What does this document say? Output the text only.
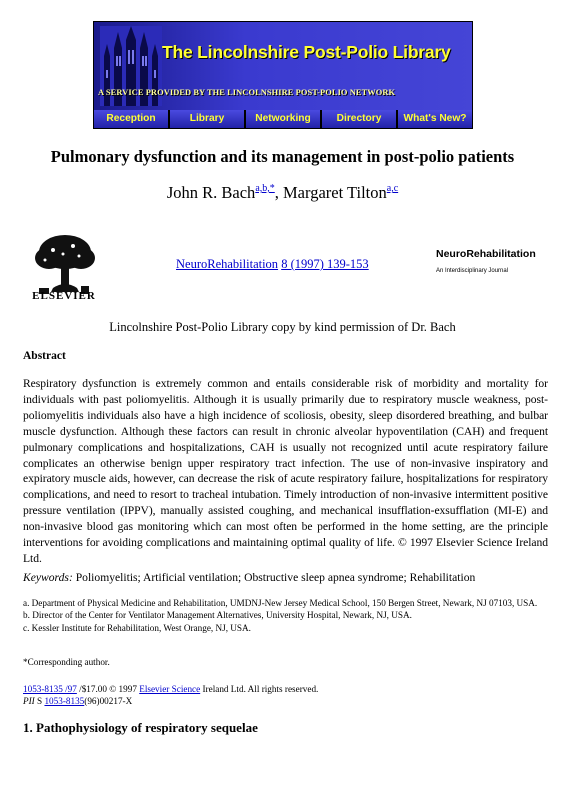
The Lincolnshire Post-Polio Library
A SERVICE PROVIDED BY THE LINCOLNSHIRE POST-POLIO NETWORK
Reception	Library	Networking	Directory	What's New?
Pulmonary dysfunction and its management in post-polio patients
John R. Bach$^{a,b,*}$, Margaret Tilton$^{a,c}$
ELSEVIER
NeuroRehabilitation 8 (1997) 139-153
NeuroRehabilitation
An Interdisciplinary Journal
Lincolnshire Post-Polio Library copy by kind permission of Dr. Bach
Abstract
Respiratory dysfunction is extremely common and entails considerable risk of morbidity and mortality for individuals with past poliomyelitis. Although it is usually primarily due to respiratory muscle weakness, post-poliomyelitis individuals also have a high incidence of scoliosis, obesity, sleep disordered breathing, and bulbar muscle dysfunction. Although these factors can result in chronic alveolar hypoventilation (CAH) and frequent pulmonary complications and hospitalizations, CAH is usually not recognized until acute respiratory failure complicates an otherwise benign upper respiratory tract infection. The use of non-invasive inspiratory and expiratory muscle aids, however, can decrease the risk of acute respiratory failure, hospitalizations for respiratory complications, and need to resort to tracheal intubation. Timely introduction of non-invasive intermittent positive pressure ventilation (IPPV), manually assisted coughing, and mechanical insufflation-exsufflation (MI-E) and non-invasive blood gas monitoring which can most often be performed in the home setting, are the principle interventions for avoiding complications and maintaining optimal quality of life. © 1997 Elsevier Science Ireland Ltd.
Keywords: Poliomyelitis; Artificial ventilation; Obstructive sleep apnea syndrome; Rehabilitation

a. Department of Physical Medicine and Rehabilitation, UMDNJ-New Jersey Medical School, 150 Bergen Street, Newark, NJ 07103, USA.

b. Director of the Center for Ventilator Management Alternatives, University Hospital, Newark, NJ, USA.

c. Kessler Institute for Rehabilitation, West Orange, NJ, USA.

*Corresponding author.
1053-8135 /97 /$17.00 © 1997 Elsevier Science Ireland Ltd. All rights reserved.
PII S 1053-8135(96)00217-X
1. Pathophysiology of respiratory sequelae
